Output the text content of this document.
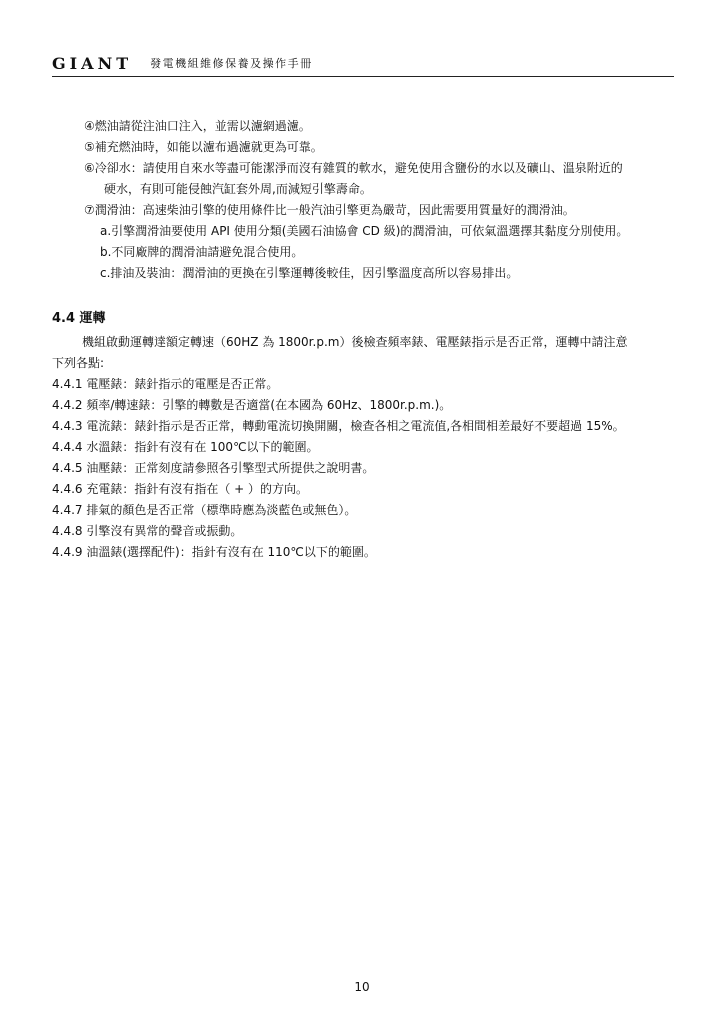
GIANT 發電機組維修保養及操作手冊
④燃油請從注油口注入，並需以濾網過濾。
⑤補充燃油時，如能以濾布過濾就更為可靠。
⑥冷卻水：請使用自來水等盡可能潔淨而沒有雜質的軟水，避免使用含鹽份的水以及礦山、溫泉附近的
硬水，有則可能侵蝕汽缸套外周,而減短引擎壽命。
⑦潤滑油：高速柴油引擎的使用條件比一般汽油引擎更為嚴苛，因此需要用質量好的潤滑油。
a.引擎潤滑油要使用 API 使用分類(美國石油協會 CD 級)的潤滑油，可依氣溫選擇其黏度分別使用。
b.不同廠牌的潤滑油請避免混合使用。
c.排油及裝油：潤滑油的更換在引擎運轉後較佳，因引擎溫度高所以容易排出。
4.4 運轉
機組啟動運轉達額定轉速（60HZ 為 1800r.p.m）後檢查頻率錶、電壓錶指示是否正常，運轉中請注意
下列各點:
4.4.1 電壓錶：錶針指示的電壓是否正常。
4.4.2 頻率/轉速錶：引擎的轉數是否適當(在本國為 60Hz、1800r.p.m.)。
4.4.3 電流錶：錶針指示是否正常，轉動電流切換開關，檢查各相之電流值,各相間相差最好不要超過 15%。
4.4.4 水溫錶：指針有沒有在 100℃以下的範圍。
4.4.5 油壓錶：正常刻度請參照各引擎型式所提供之說明書。
4.4.6 充電錶：指針有沒有指在（ + ）的方向。
4.4.7 排氣的顏色是否正常（標準時應為淡藍色或無色）。
4.4.8 引擎沒有異常的聲音或振動。
4.4.9 油溫錶(選擇配件)：指針有沒有在 110℃以下的範圍。
10
